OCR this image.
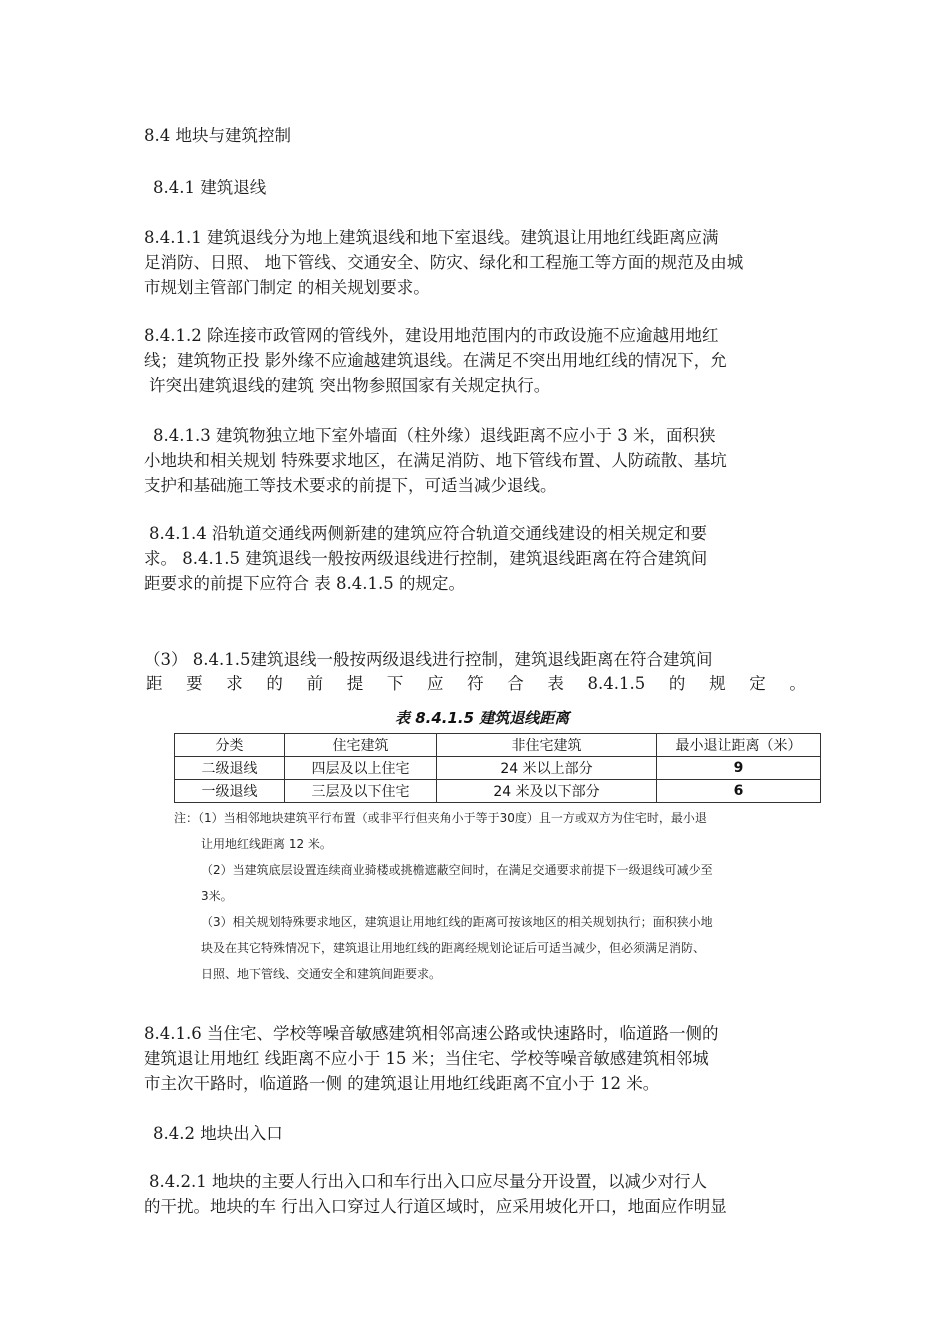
8.4 地块与建筑控制
8.4.1 建筑退线
8.4.1.1 建筑退线分为地上建筑退线和地下室退线。建筑退让用地红线距离应满
足消防、日照、 地下管线、交通安全、防灾、绿化和工程施工等方面的规范及由城
市规划主管部门制定 的相关规划要求。
8.4.1.2 除连接市政管网的管线外，建设用地范围内的市政设施不应逾越用地红
线；建筑物正投 影外缘不应逾越建筑退线。在满足不突出用地红线的情况下，允
许突出建筑退线的建筑 突出物参照国家有关规定执行。
8.4.1.3 建筑物独立地下室外墙面（柱外缘）退线距离不应小于 3 米，面积狭
小地块和相关规划 特殊要求地区，在满足消防、地下管线布置、人防疏散、基坑
支护和基础施工等技术要求的前提下，可适当减少退线。
8.4.1.4 沿轨道交通线两侧新建的建筑应符合轨道交通线建设的相关规定和要
求。 8.4.1.5 建筑退线一般按两级退线进行控制，建筑退线距离在符合建筑间
距要求的前提下应符合 表 8.4.1.5 的规定。
（3） 8.4.1.5建筑退线一般按两级退线进行控制，建筑退线距离在符合建筑间
距 要 求 的 前 提 下 应 符 合 表 8.4.1.5 的 规 定 。
表 8.4.1.5 建筑退线距离
分类	住宅建筑	非住宅建筑	最小退让距离（米）
二级退线	四层及以上住宅	24 米以上部分	9
一级退线	三层及以下住宅	24 米及以下部分	6
注：（1）当相邻地块建筑平行布置（或非平行但夹角小于等于30度）且一方或双方为住宅时，最小退
让用地红线距离 12 米。
（2）当建筑底层设置连续商业骑楼或挑檐遮蔽空间时，在满足交通要求前提下一级退线可减少至
3米。
（3）相关规划特殊要求地区，建筑退让用地红线的距离可按该地区的相关规划执行；面积狭小地
块及在其它特殊情况下，建筑退让用地红线的距离经规划论证后可适当减少，但必须满足消防、
日照、地下管线、交通安全和建筑间距要求。
8.4.1.6 当住宅、学校等噪音敏感建筑相邻高速公路或快速路时，临道路一侧的
建筑退让用地红 线距离不应小于 15 米；当住宅、学校等噪音敏感建筑相邻城
市主次干路时，临道路一侧 的建筑退让用地红线距离不宜小于 12 米。
8.4.2 地块出入口
8.4.2.1 地块的主要人行出入口和车行出入口应尽量分开设置，以减少对行人
的干扰。地块的车 行出入口穿过人行道区域时，应采用坡化开口，地面应作明显
